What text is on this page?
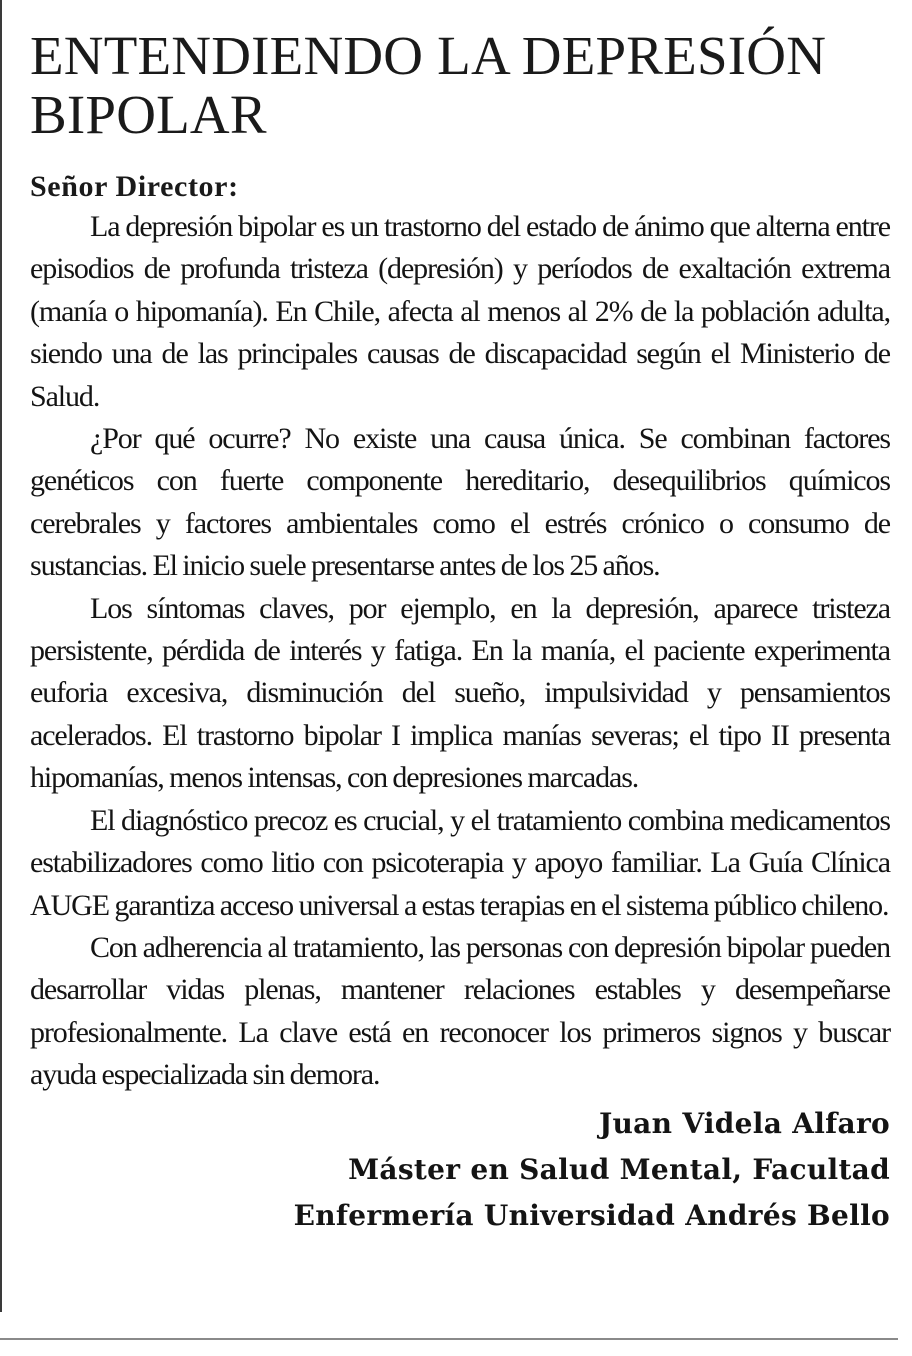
ENTENDIENDO LA DEPRESIÓN BIPOLAR
Señor Director:

La depresión bipolar es un trastorno del estado de ánimo que alterna entre episodios de profunda tristeza (depresión) y períodos de exaltación extrema (manía o hipomanía). En Chile, afecta al menos al 2% de la población adulta, siendo una de las principales causas de discapacidad según el Ministerio de Salud.

¿Por qué ocurre? No existe una causa única. Se combinan factores genéticos con fuerte componente hereditario, desequilibrios químicos cerebrales y factores ambientales como el estrés crónico o consumo de sustancias. El inicio suele presentarse antes de los 25 años.

Los síntomas claves, por ejemplo, en la depresión, aparece tristeza persistente, pérdida de interés y fatiga. En la manía, el paciente experimenta euforia excesiva, disminución del sueño, impulsividad y pensamientos acelerados. El trastorno bipolar I implica manías severas; el tipo II presenta hipomanías, menos intensas, con depresiones marcadas.

El diagnóstico precoz es crucial, y el tratamiento combina medicamentos estabilizadores como litio con psicoterapia y apoyo familiar. La Guía Clínica AUGE garantiza acceso universal a estas terapias en el sistema público chileno.

Con adherencia al tratamiento, las personas con depresión bipolar pueden desarrollar vidas plenas, mantener relaciones estables y desempeñarse profesionalmente. La clave está en reconocer los primeros signos y buscar ayuda especializada sin demora.

Juan Videla Alfaro
Máster en Salud Mental, Facultad
Enfermería Universidad Andrés Bello
